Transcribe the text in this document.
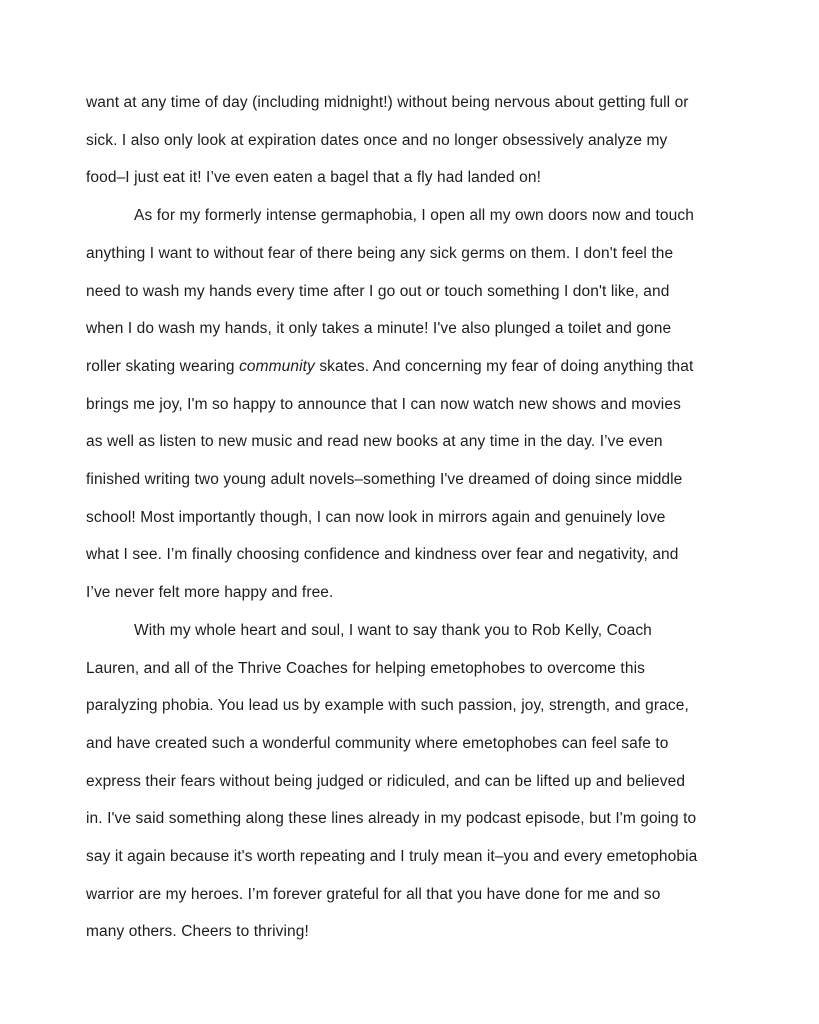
want at any time of day (including midnight!) without being nervous about getting full or
sick. I also only look at expiration dates once and no longer obsessively analyze my
food–I just eat it! I’ve even eaten a bagel that a fly had landed on!

As for my formerly intense germaphobia, I open all my own doors now and touch
anything I want to without fear of there being any sick germs on them. I don't feel the
need to wash my hands every time after I go out or touch something I don't like, and
when I do wash my hands, it only takes a minute! I've also plunged a toilet and gone
roller skating wearing community skates. And concerning my fear of doing anything that
brings me joy, I'm so happy to announce that I can now watch new shows and movies
as well as listen to new music and read new books at any time in the day. I’ve even
finished writing two young adult novels–something I've dreamed of doing since middle
school! Most importantly though, I can now look in mirrors again and genuinely love
what I see. I’m finally choosing confidence and kindness over fear and negativity, and
I’ve never felt more happy and free.

With my whole heart and soul, I want to say thank you to Rob Kelly, Coach
Lauren, and all of the Thrive Coaches for helping emetophobes to overcome this
paralyzing phobia. You lead us by example with such passion, joy, strength, and grace,
and have created such a wonderful community where emetophobes can feel safe to
express their fears without being judged or ridiculed, and can be lifted up and believed
in. I've said something along these lines already in my podcast episode, but I'm going to
say it again because it's worth repeating and I truly mean it–you and every emetophobia
warrior are my heroes. I’m forever grateful for all that you have done for me and so
many others. Cheers to thriving!
